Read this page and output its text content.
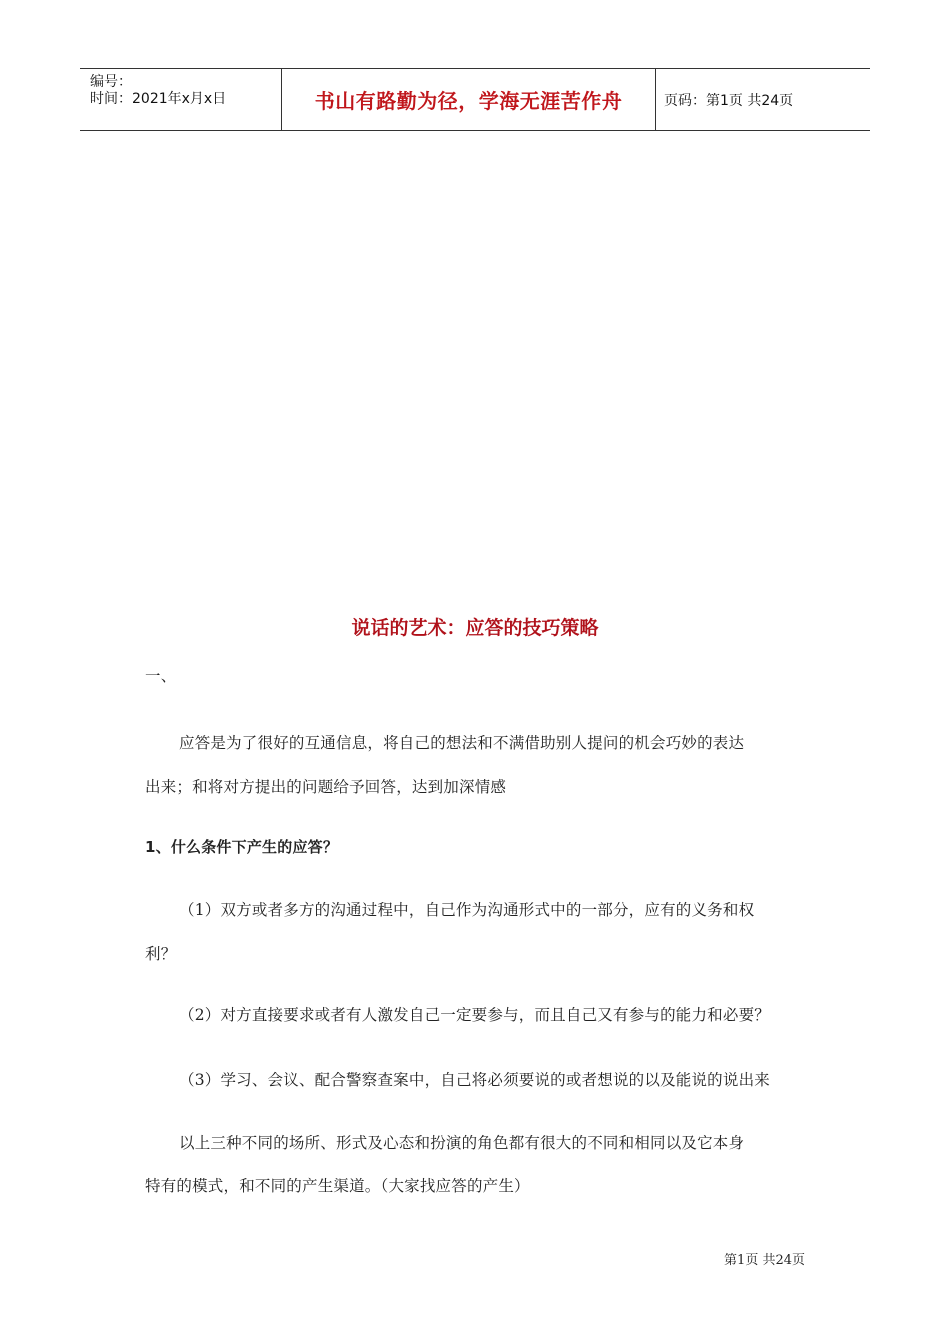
编号：
时间：2021年x月x日	书山有路勤为径，学海无涯苦作舟	页码：第1页 共24页
说话的艺术：应答的技巧策略
一、
应答是为了很好的互通信息，将自己的想法和不满借助别人提问的机会巧妙的表达
出来；和将对方提出的问题给予回答，达到加深情感
1、什么条件下产生的应答？
（1）双方或者多方的沟通过程中，自己作为沟通形式中的一部分，应有的义务和权
利？
（2）对方直接要求或者有人激发自己一定要参与，而且自己又有参与的能力和必要？
（3）学习、会议、配合警察查案中，自己将必须要说的或者想说的以及能说的说出来
以上三种不同的场所、形式及心态和扮演的角色都有很大的不同和相同以及它本身
特有的模式，和不同的产生渠道。（大家找应答的产生）
第1页 共24页
